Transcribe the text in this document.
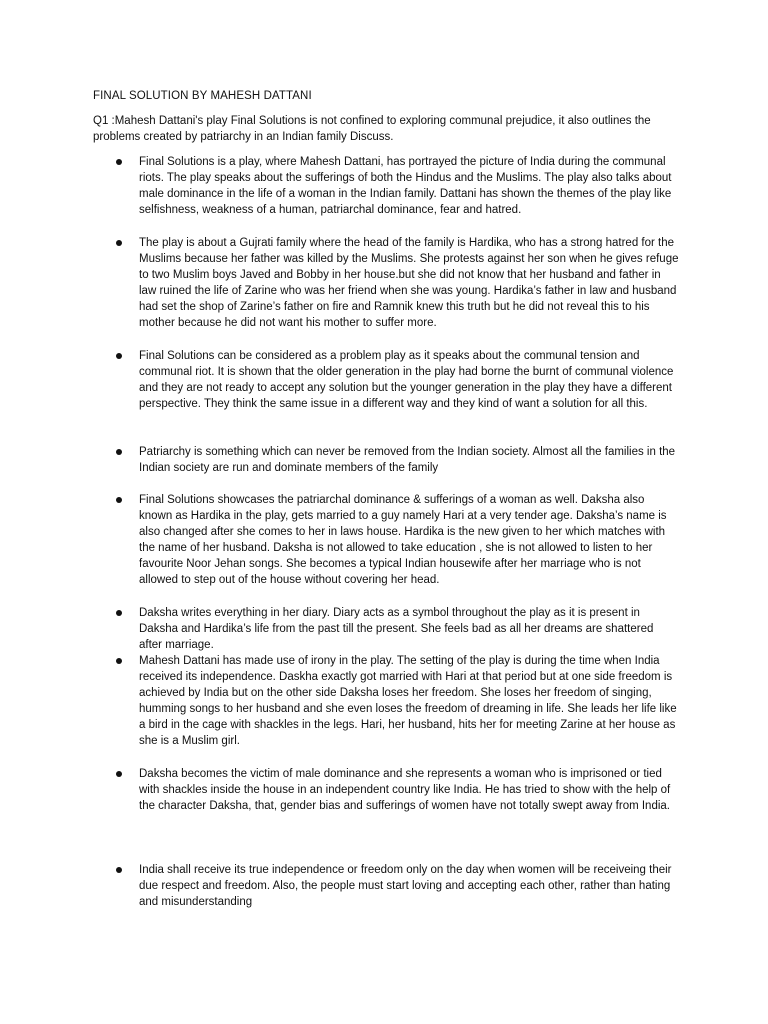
FINAL SOLUTION BY MAHESH DATTANI
Q1 :Mahesh Dattani's play Final Solutions is not confined to exploring communal prejudice, it also outlines the problems created by patriarchy in an Indian family Discuss.
Final Solutions is a play, where Mahesh Dattani, has portrayed the picture of India during the communal riots. The play speaks about the sufferings of both the Hindus and the Muslims. The play also talks about male dominance in the life of a woman in the Indian family. Dattani has shown the themes of the play like selfishness, weakness of a human, patriarchal dominance, fear and hatred.
The play is about a Gujrati family where the head of the family is Hardika, who has a strong hatred for the Muslims because her father was killed by the Muslims. She protests against her son when he gives refuge to two Muslim boys Javed and Bobby in her house.but she did not know that her husband and father in law ruined the life of Zarine who was her friend when she was young. Hardika’s father in law and husband had set the shop of Zarine’s father on fire and Ramnik knew this truth but he did not reveal this to his mother because he did not want his mother to suffer more.
Final Solutions can be considered as a problem play as it speaks about the communal tension and communal riot. It is shown that the older generation in the play had borne the burnt of communal violence and they are not ready to accept any solution but the younger generation in the play they have a different perspective. They think the same issue in a different way and they kind of want a solution for all this.
Patriarchy is something which can never be removed from the Indian society. Almost all the families in the Indian society are run and dominate members of the family
Final Solutions showcases the patriarchal dominance & sufferings of a woman as well. Daksha also known as Hardika in the play, gets married to a guy namely Hari at a very tender age. Daksha’s name is also changed after she comes to her in laws house. Hardika is the new given to her which matches with the name of her husband. Daksha is not allowed to take education , she is not allowed to listen to her favourite Noor Jehan songs. She becomes a typical Indian housewife after her marriage who is not allowed to step out of the house without covering her head.
Daksha writes everything in her diary. Diary acts as a symbol throughout the play as it is present in Daksha and Hardika’s life from the past till the present. She feels bad as all her dreams are shattered after marriage.
Mahesh Dattani has made use of irony in the play. The setting of the play is during the time when India received its independence. Daskha exactly got married with Hari at that period but at one side freedom is achieved by India but on the other side Daksha loses her freedom. She loses her freedom of singing, humming songs to her husband and she even loses the freedom of dreaming in life. She leads her life like a bird in the cage with shackles in the legs. Hari, her husband, hits her for meeting Zarine at her house as she is a Muslim girl.
Daksha becomes the victim of male dominance and she represents a woman who is imprisoned or tied with shackles inside the house in an independent country like India. He has tried to show with the help of the character Daksha, that, gender bias and sufferings of women have not totally swept away from India.
India shall receive its true independence or freedom only on the day when women will be receiveing their due respect and freedom. Also, the people must start loving and accepting each other, rather than hating and misunderstanding
